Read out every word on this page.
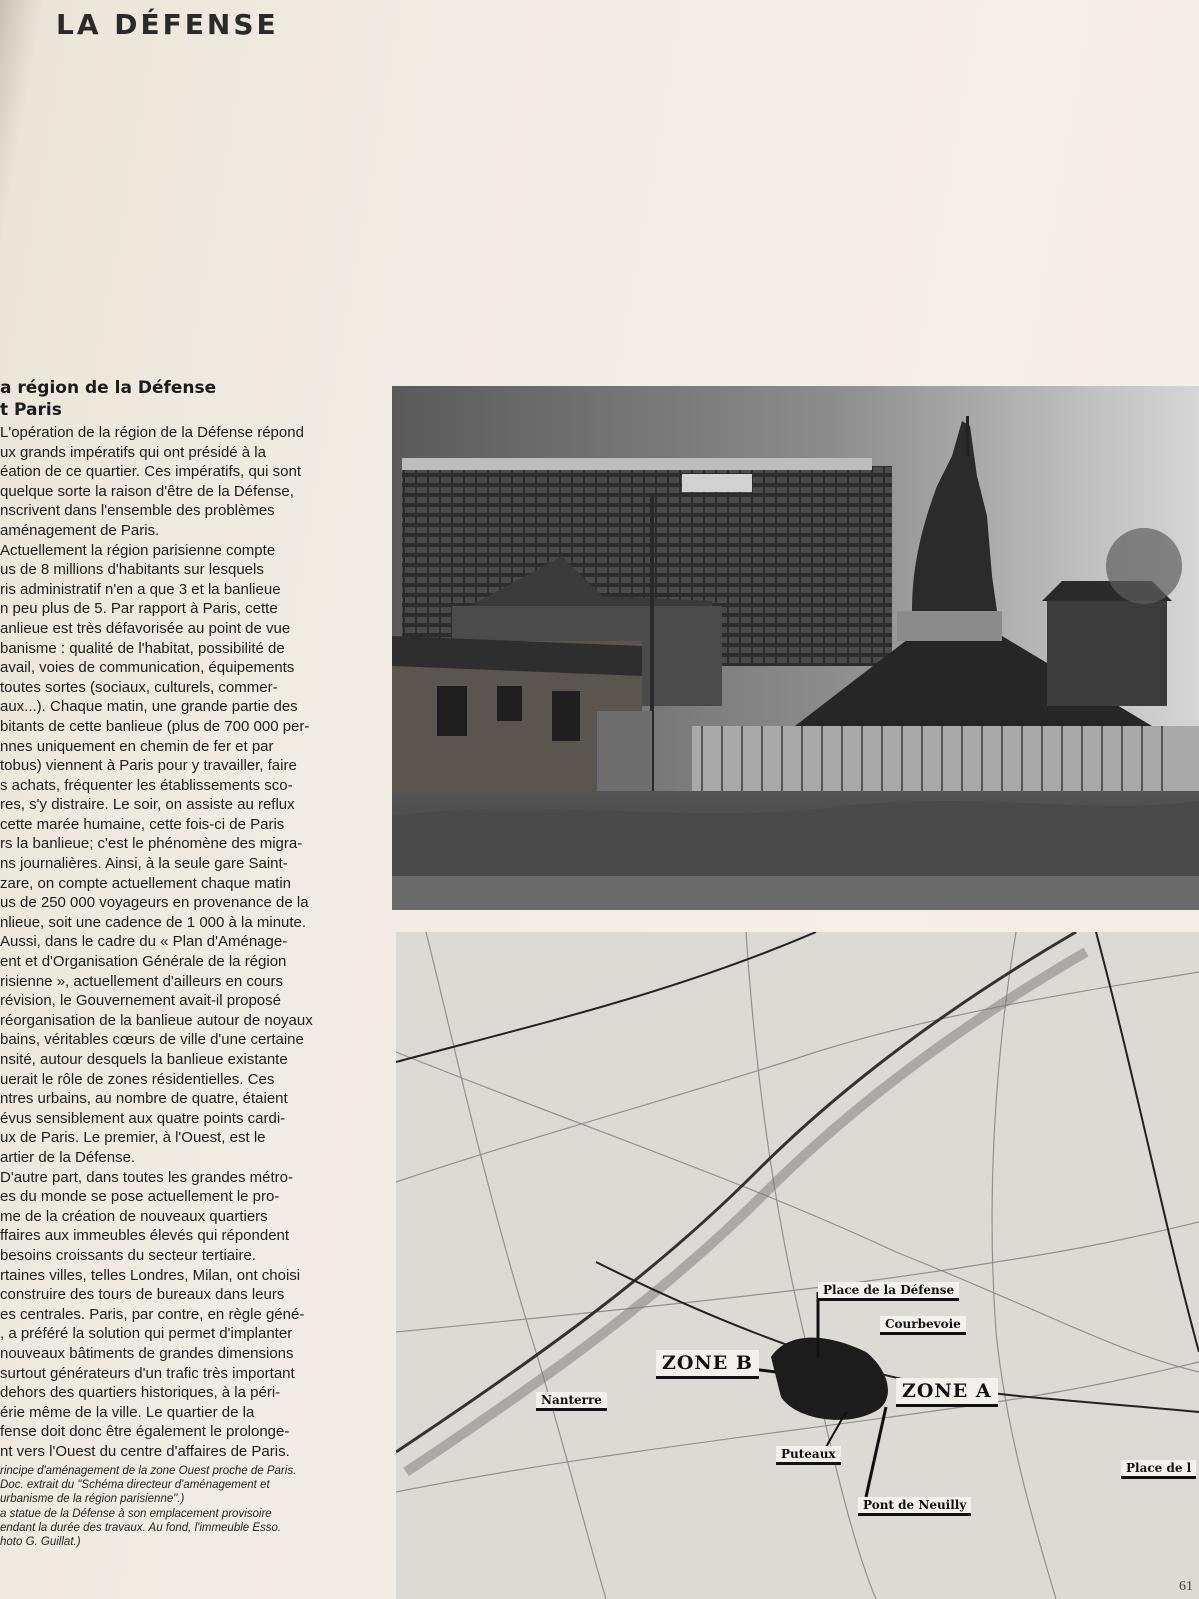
LA DÉFENSE
a région de la Défense
t Paris
L'opération de la région de la Défense répond
ux grands impératifs qui ont présidé à la
éation de ce quartier. Ces impératifs, qui sont
quelque sorte la raison d'être de la Défense,
nscrivent dans l'ensemble des problèmes
aménagement de Paris.
Actuellement la région parisienne compte
us de 8 millions d'habitants sur lesquels
ris administratif n'en a que 3 et la banlieue
n peu plus de 5. Par rapport à Paris, cette
anlieue est très défavorisée au point de vue
banisme : qualité de l'habitat, possibilité de
avail, voies de communication, équipements
toutes sortes (sociaux, culturels, commer-
aux...). Chaque matin, une grande partie des
bitants de cette banlieue (plus de 700 000 per-
nnes uniquement en chemin de fer et par
tobus) viennent à Paris pour y travailler, faire
s achats, fréquenter les établissements sco-
res, s'y distraire. Le soir, on assiste au reflux
cette marée humaine, cette fois-ci de Paris
rs la banlieue; c'est le phénomène des migra-
ns journalières. Ainsi, à la seule gare Saint-
zare, on compte actuellement chaque matin
us de 250 000 voyageurs en provenance de la
nlieue, soit une cadence de 1 000 à la minute.
Aussi, dans le cadre du « Plan d'Aménage-
ent et d'Organisation Générale de la région
risienne », actuellement d'ailleurs en cours
révision, le Gouvernement avait-il proposé
réorganisation de la banlieue autour de noyaux
bains, véritables cœurs de ville d'une certaine
nsité, autour desquels la banlieue existante
uerait le rôle de zones résidentielles. Ces
ntres urbains, au nombre de quatre, étaient
évus sensiblement aux quatre points cardi-
ux de Paris. Le premier, à l'Ouest, est le
artier de la Défense.
D'autre part, dans toutes les grandes métro-
es du monde se pose actuellement le pro-
me de la création de nouveaux quartiers
ffaires aux immeubles élevés qui répondent
besoins croissants du secteur tertiaire.
rtaines villes, telles Londres, Milan, ont choisi
construire des tours de bureaux dans leurs
es centrales. Paris, par contre, en règle géné-
, a préféré la solution qui permet d'implanter
nouveaux bâtiments de grandes dimensions
surtout générateurs d'un trafic très important
dehors des quartiers historiques, à la péri-
érie même de la ville. Le quartier de la
fense doit donc être également le prolonge-
nt vers l'Ouest du centre d'affaires de Paris.
rincipe d'aménagement de la zone Ouest proche de Paris.
Doc. extrait du "Schéma directeur d'aménagement et
urbanisme de la région parisienne".)
a statue de la Défense à son emplacement provisoire
endant la durée des travaux. Au fond, l'immeuble Esso.
hoto G. Guillat.)
Place de la Défense
Courbevoie
ZONE B
ZONE A
Nanterre
Puteaux
Pont de Neuilly
Place de l
61
